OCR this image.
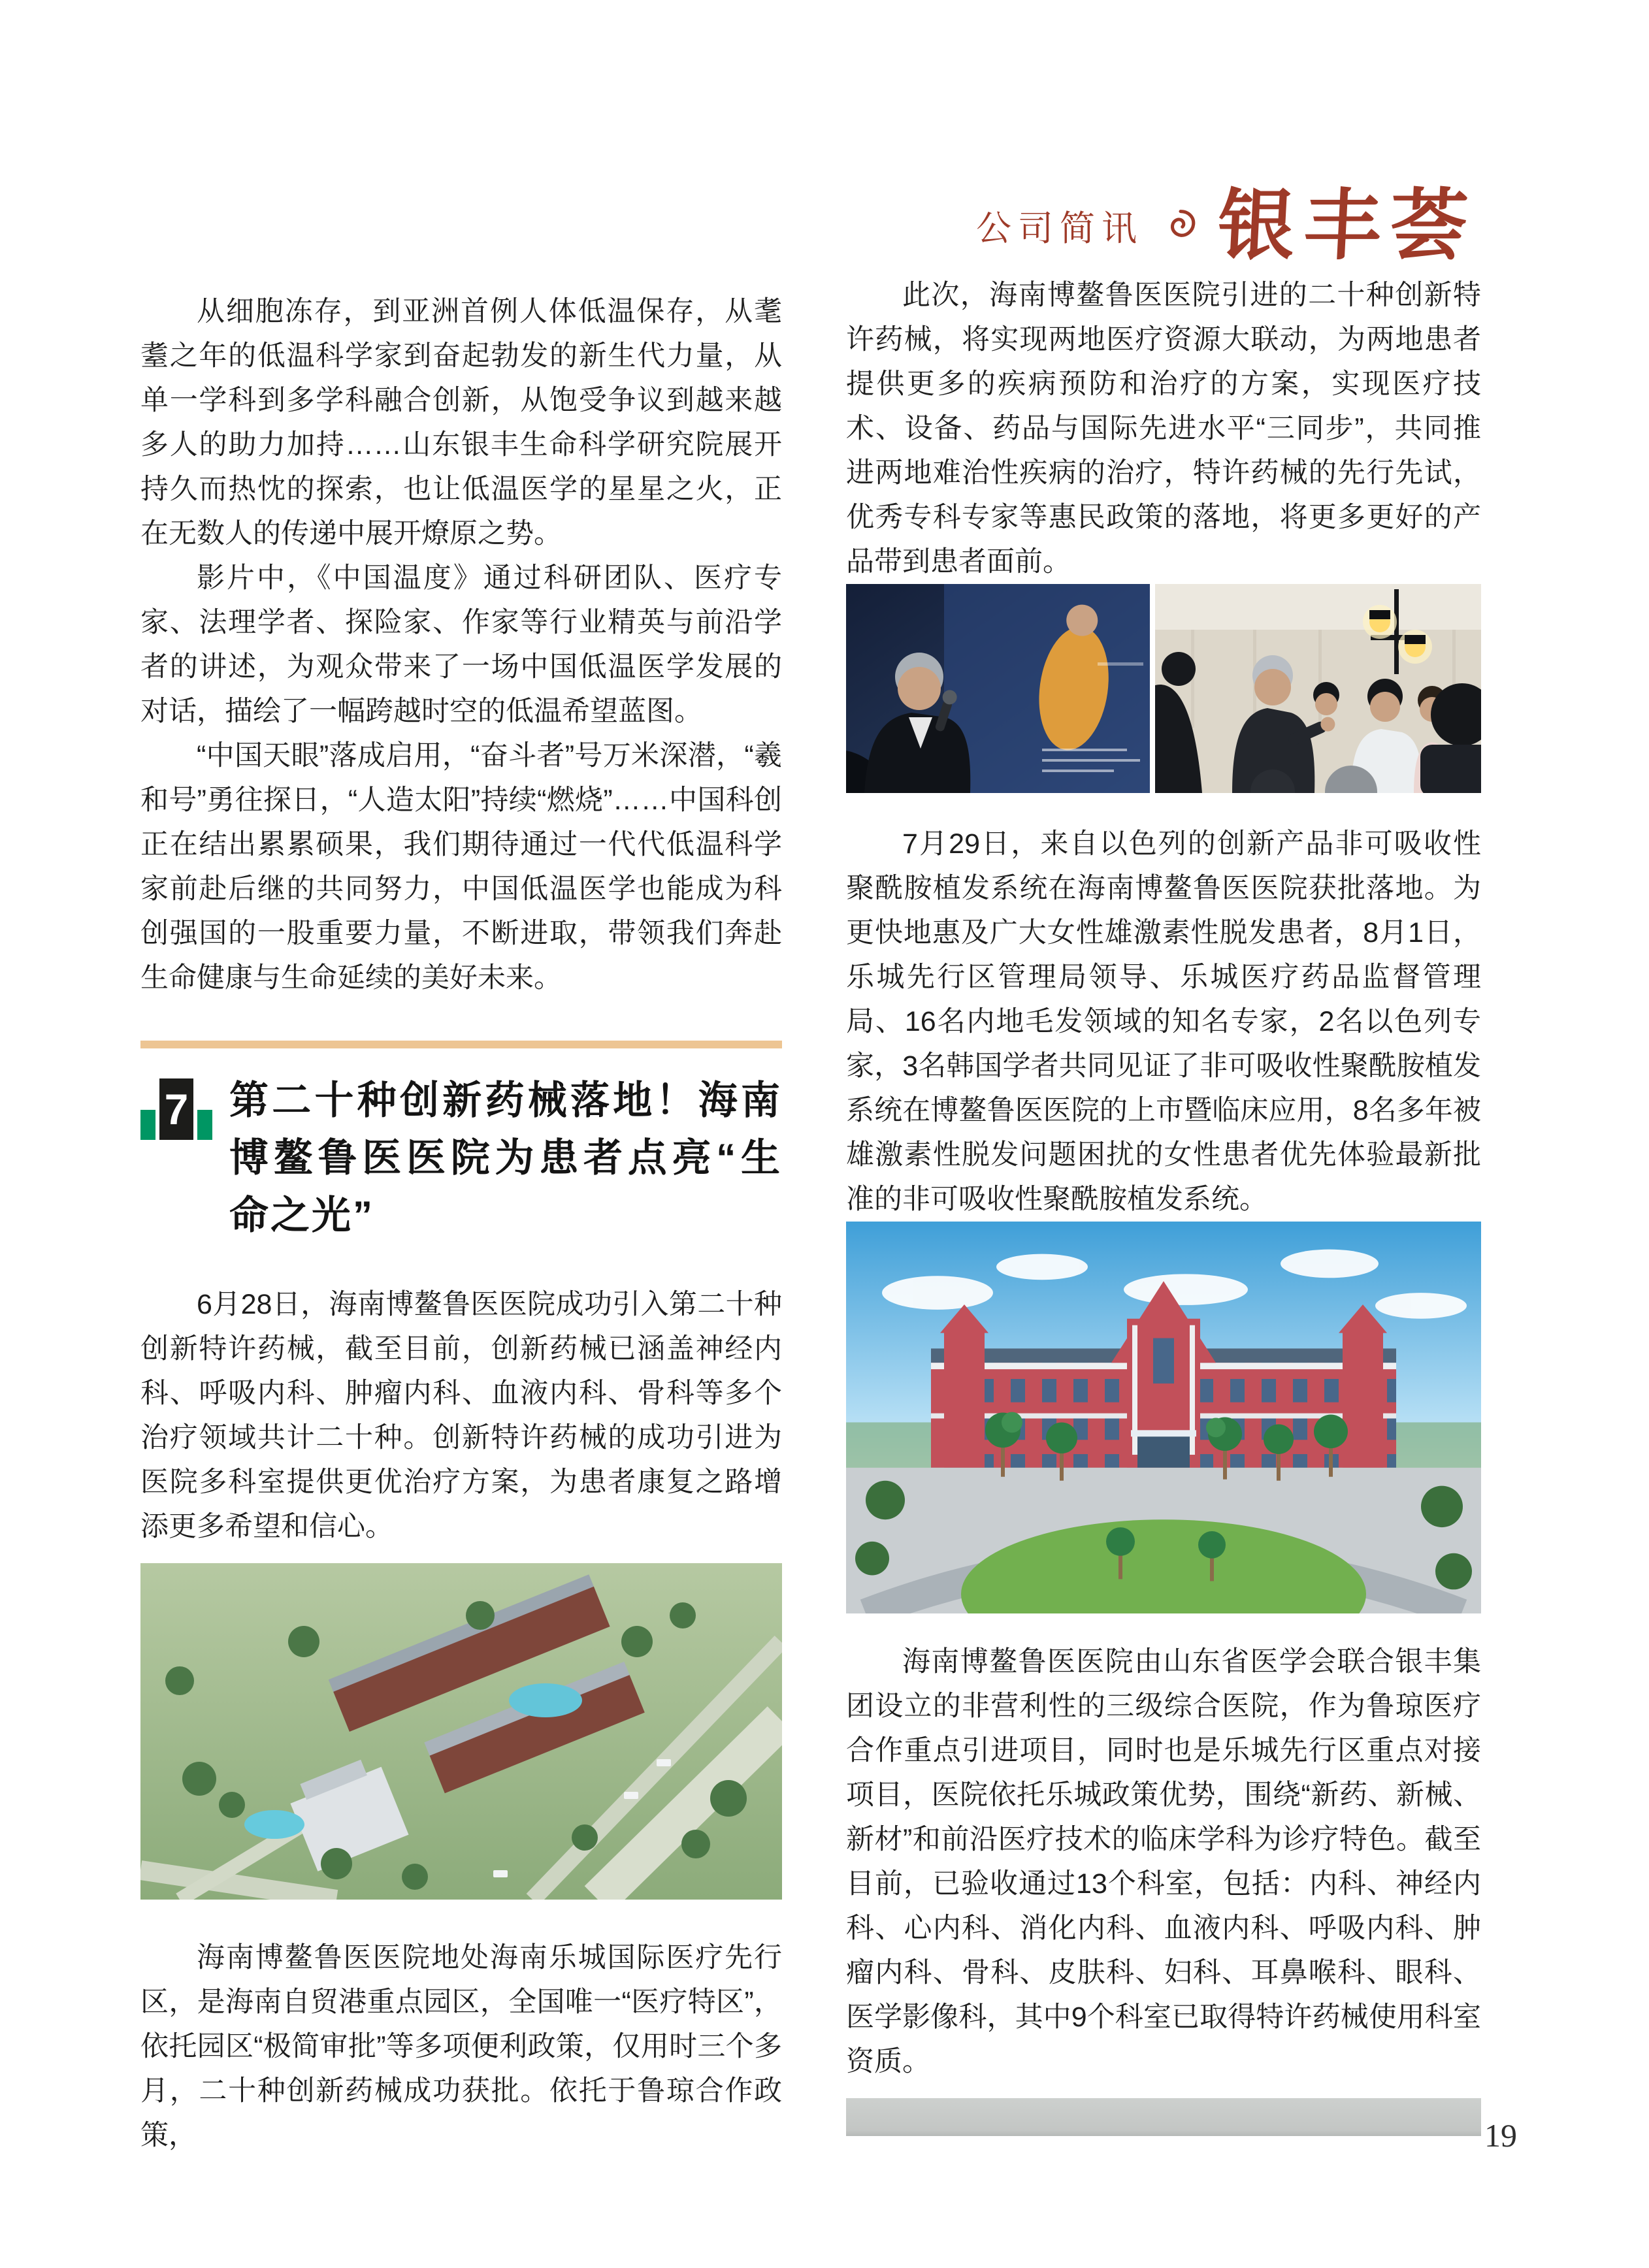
公司简讯 银丰荟

从细胞冻存，到亚洲首例人体低温保存，从耄耋之年的低温科学家到奋起勃发的新生代力量，从单一学科到多学科融合创新，从饱受争议到越来越多人的助力加持……山东银丰生命科学研究院展开持久而热忱的探索，也让低温医学的星星之火，正在无数人的传递中展开燎原之势。

影片中，《中国温度》通过科研团队、医疗专家、法理学者、探险家、作家等行业精英与前沿学者的讲述，为观众带来了一场中国低温医学发展的对话，描绘了一幅跨越时空的低温希望蓝图。

“中国天眼”落成启用，“奋斗者”号万米深潜，“羲和号”勇往探日，“人造太阳”持续“燃烧”……中国科创正在结出累累硕果，我们期待通过一代代低温科学家前赴后继的共同努力，中国低温医学也能成为科创强国的一股重要力量，不断进取，带领我们奔赴生命健康与生命延续的美好未来。

7 第二十种创新药械落地！海南博鳌鲁医医院为患者点亮“生命之光”

6月28日，海南博鳌鲁医医院成功引入第二十种创新特许药械，截至目前，创新药械已涵盖神经内科、呼吸内科、肿瘤内科、血液内科、骨科等多个治疗领域共计二十种。创新特许药械的成功引进为医院多科室提供更优治疗方案，为患者康复之路增添更多希望和信心。

海南博鳌鲁医医院地处海南乐城国际医疗先行区，是海南自贸港重点园区，全国唯一“医疗特区”，依托园区“极简审批”等多项便利政策，仅用时三个多月，二十种创新药械成功获批。依托于鲁琼合作政策，

此次，海南博鳌鲁医医院引进的二十种创新特许药械，将实现两地医疗资源大联动，为两地患者提供更多的疾病预防和治疗的方案，实现医疗技术、设备、药品与国际先进水平“三同步”，共同推进两地难治性疾病的治疗，特许药械的先行先试，优秀专科专家等惠民政策的落地，将更多更好的产品带到患者面前。

7月29日，来自以色列的创新产品非可吸收性聚酰胺植发系统在海南博鳌鲁医医院获批落地。为更快地惠及广大女性雄激素性脱发患者，8月1日，乐城先行区管理局领导、乐城医疗药品监督管理局、16名内地毛发领域的知名专家，2名以色列专家，3名韩国学者共同见证了非可吸收性聚酰胺植发系统在博鳌鲁医医院的上市暨临床应用，8名多年被雄激素性脱发问题困扰的女性患者优先体验最新批准的非可吸收性聚酰胺植发系统。

海南博鳌鲁医医院由山东省医学会联合银丰集团设立的非营利性的三级综合医院，作为鲁琼医疗合作重点引进项目，同时也是乐城先行区重点对接项目，医院依托乐城政策优势，围绕“新药、新械、新材”和前沿医疗技术的临床学科为诊疗特色。截至目前，已验收通过13个科室，包括：内科、神经内科、心内科、消化内科、血液内科、呼吸内科、肿瘤内科、骨科、皮肤科、妇科、耳鼻喉科、眼科、医学影像科，其中9个科室已取得特许药械使用科室资质。

19
